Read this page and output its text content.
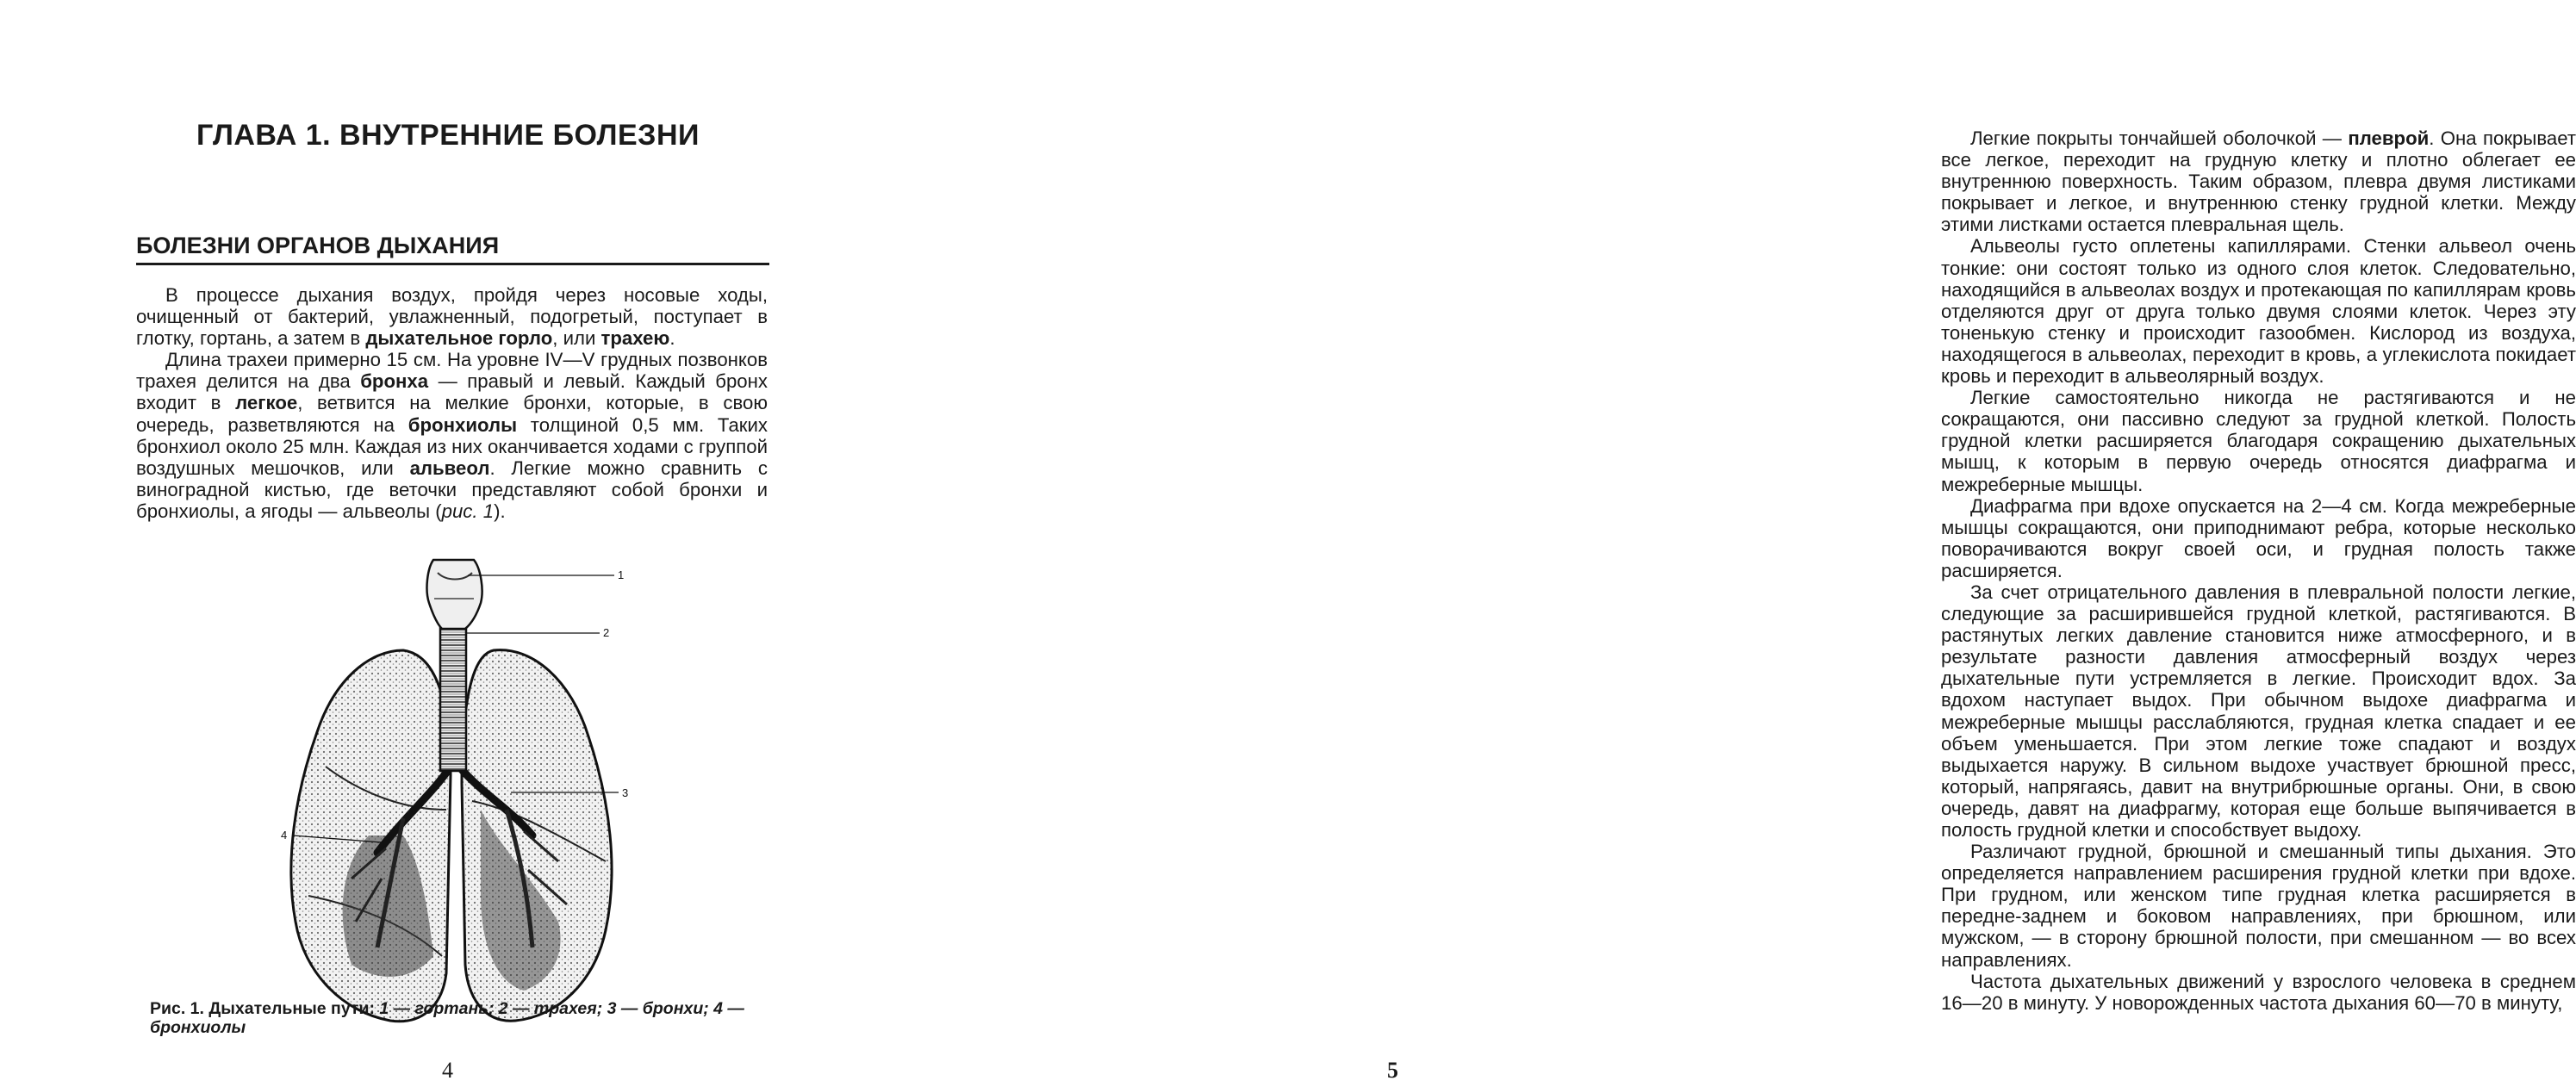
ГЛАВА 1. ВНУТРЕННИЕ БОЛЕЗНИ
БОЛЕЗНИ ОРГАНОВ ДЫХАНИЯ

В процессе дыхания воздух, пройдя через носовые ходы, очищенный от бактерий, увлажненный, подогретый, поступает в глотку, гортань, а затем в дыхательное горло, или трахею.

Длина трахеи примерно 15 см. На уровне IV—V грудных позвонков трахея делится на два бронха — правый и левый. Каждый бронх входит в легкое, ветвится на мелкие бронхи, которые, в свою очередь, разветвляются на бронхиолы толщиной 0,5 мм. Таких бронхиол около 25 млн. Каждая из них оканчивается ходами с группой воздушных мешочков, или альвеол. Легкие можно сравнить с виноградной кистью, где веточки представляют собой бронхи и бронхиолы, а ягоды — альвеолы (рис. 1).

1
2
3
4

Рис. 1. Дыхательные пути: 1 — гортань; 2 — трахея; 3 — бронхи; 4 — бронхиолы

4

Легкие покрыты тончайшей оболочкой — плеврой. Она покрывает все легкое, переходит на грудную клетку и плотно облегает ее внутреннюю поверхность. Таким образом, плевра двумя листиками покрывает и легкое, и внутреннюю стенку грудной клетки. Между этими листками остается плевральная щель.

Альвеолы густо оплетены капиллярами. Стенки альвеол очень тонкие: они состоят только из одного слоя клеток. Следовательно, находящийся в альвеолах воздух и протекающая по капиллярам кровь отделяются друг от друга только двумя слоями клеток. Через эту тоненькую стенку и происходит газообмен. Кислород из воздуха, находящегося в альвеолах, переходит в кровь, а углекислота покидает кровь и переходит в альвеолярный воздух.

Легкие самостоятельно никогда не растягиваются и не сокращаются, они пассивно следуют за грудной клеткой. Полость грудной клетки расширяется благодаря сокращению дыхательных мышц, к которым в первую очередь относятся диафрагма и межреберные мышцы.

Диафрагма при вдохе опускается на 2—4 см. Когда межреберные мышцы сокращаются, они приподнимают ребра, которые несколько поворачиваются вокруг своей оси, и грудная полость также расширяется.

За счет отрицательного давления в плевральной полости легкие, следующие за расширившейся грудной клеткой, растягиваются. В растянутых легких давление становится ниже атмосферного, и в результате разности давления атмосферный воздух через дыхательные пути устремляется в легкие. Происходит вдох. За вдохом наступает выдох. При обычном выдохе диафрагма и межреберные мышцы расслабляются, грудная клетка спадает и ее объем уменьшается. При этом легкие тоже спадают и воздух выдыхается наружу. В сильном выдохе участвует брюшной пресс, который, напрягаясь, давит на внутрибрюшные органы. Они, в свою очередь, давят на диафрагму, которая еще больше выпячивается в полость грудной клетки и способствует выдоху.

Различают грудной, брюшной и смешанный типы дыхания. Это определяется направлением расширения грудной клетки при вдохе. При грудном, или женском типе грудная клетка расширяется в передне-заднем и боковом направлениях, при брюшном, или мужском, — в сторону брюшной полости, при смешанном — во всех направлениях.

Частота дыхательных движений у взрослого человека в среднем 16—20 в минуту. У новорожденных частота дыхания 60—70 в минуту,

5
